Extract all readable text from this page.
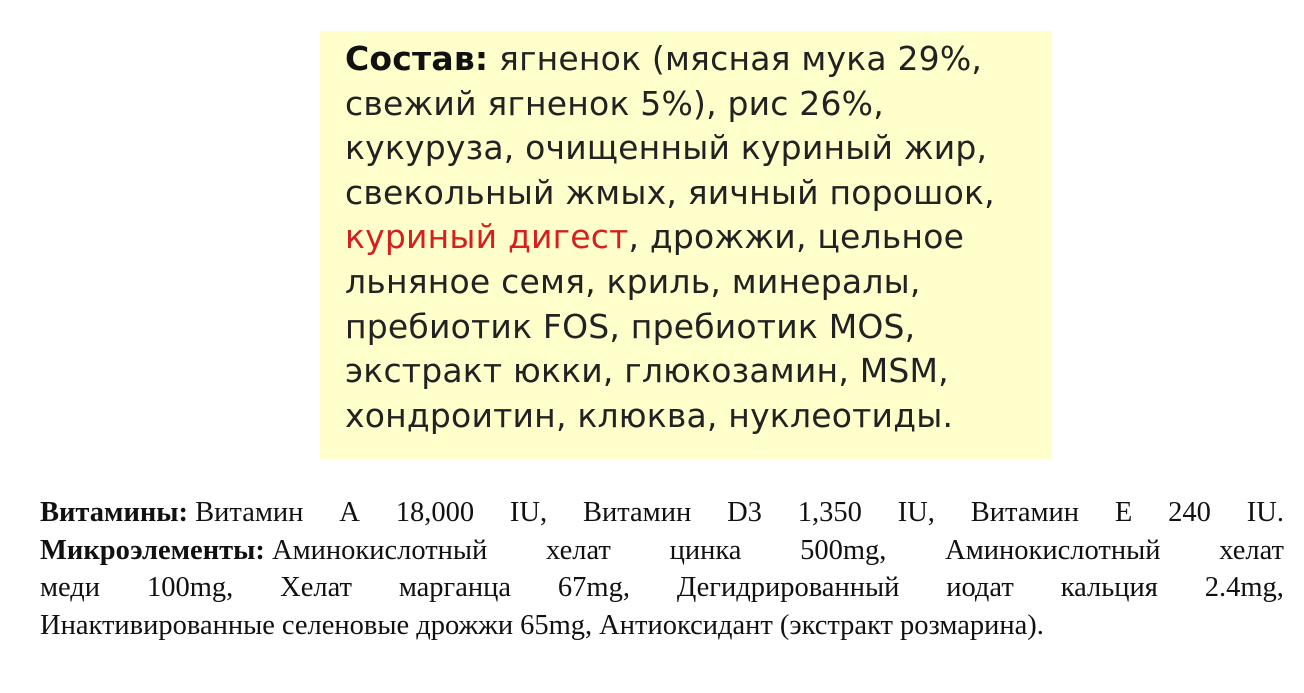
Состав: ягненок (мясная мука 29%,
свежий ягненок 5%), рис 26%,
кукуруза, очищенный куриный жир,
свекольный жмых, яичный порошок,
куриный дигест, дрожжи, цельное
льняное семя, криль, минералы,
пребиотик FOS, пребиотик MOS,
экстракт юкки, глюкозамин, MSM,
хондроитин, клюква, нуклеотиды.
Витамины: Витамин A 18,000 IU, Витамин D3 1,350 IU, Витамин E 240 IU.
Микроэлементы: Аминокислотный хелат цинка 500mg, Аминокислотный хелат
меди 100mg, Хелат марганца 67mg, Дегидрированный иодат кальция 2.4mg,
Инактивированные селеновые дрожжи 65mg, Антиоксидант (экстракт розмарина).
